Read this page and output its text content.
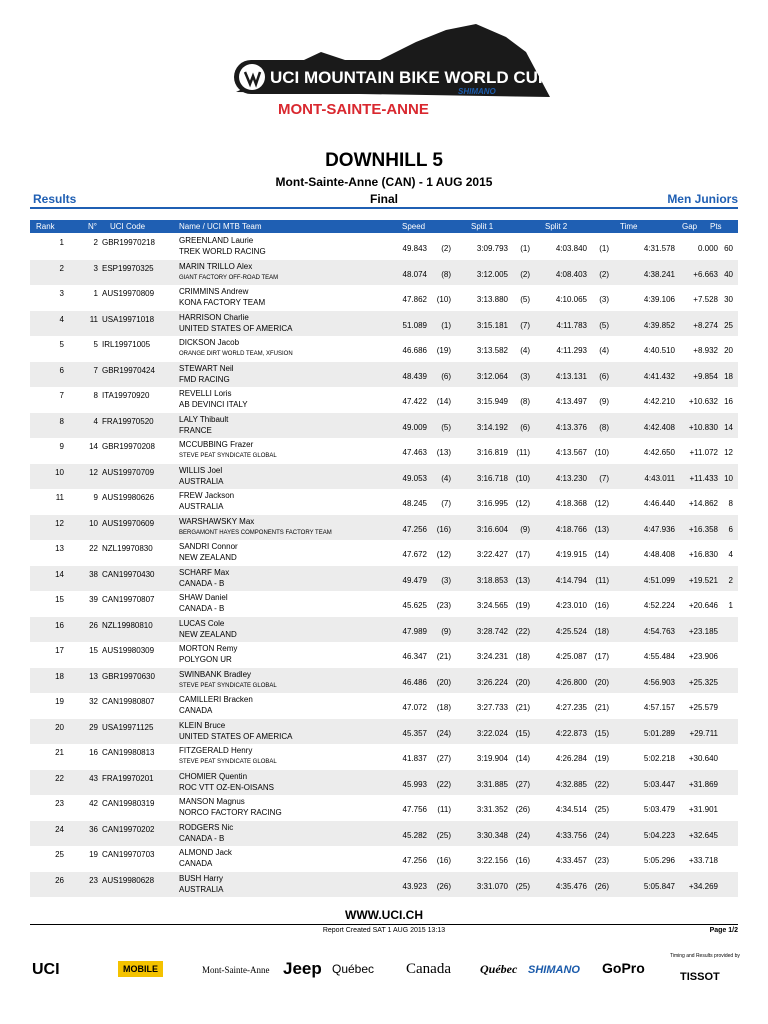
UCI MOUNTAIN BIKE WORLD CUP
PRESENTED BY SHIMANO
MONT-SAINTE-ANNE
DOWNHILL 5
Mont-Sainte-Anne (CAN) - 1 AUG 2015
Results	Final	Men Juniors
Rank	N° UCI Code	Name / UCI MTB Team	Speed	Split 1	Split 2	Time	Gap Pts
1	2 GBR19970218	GREENLAND Laurie
TREK WORLD RACING	49.843	(2)	3:09.793	(1)	4:03.840	(1)	4:31.578	0.000 60
2	3 ESP19970325	MARIN TRILLO Alex
GIANT FACTORY OFF-ROAD TEAM	48.074	(8)	3:12.005	(2)	4:08.403	(2)	4:38.241	+6.663 40
3	1 AUS19970809	CRIMMINS Andrew
KONA FACTORY TEAM	47.862	(10)	3:13.880	(5)	4:10.065	(3)	4:39.106	+7.528 30
4	11 USA19971018	HARRISON Charlie
UNITED STATES OF AMERICA	51.089	(1)	3:15.181	(7)	4:11.783	(5)	4:39.852	+8.274 25
5	5 IRL19971005	DICKSON Jacob
ORANGE DIRT WORLD TEAM, XFUSION	46.686	(19)	3:13.582	(4)	4:11.293	(4)	4:40.510	+8.932 20
6	7 GBR19970424	STEWART Neil
FMD RACING	48.439	(6)	3:12.064	(3)	4:13.131	(6)	4:41.432	+9.854 18
7	8 ITA19970920	REVELLI Loris
AB DEVINCI ITALY	47.422	(14)	3:15.949	(8)	4:13.497	(9)	4:42.210	+10.632 16
8	4 FRA19970520	LALY Thibault
FRANCE	49.009	(5)	3:14.192	(6)	4:13.376	(8)	4:42.408	+10.830 14
9	14 GBR19970208	MCCUBBING Frazer
STEVE PEAT SYNDICATE GLOBAL	47.463	(13)	3:16.819	(11)	4:13.567 (10)	4:42.650	+11.072 12
10	12 AUS19970709	WILLIS Joel
AUSTRALIA	49.053	(4)	3:16.718 (10)	4:13.230	(7)	4:43.011	+11.433 10
11	9 AUS19980626	FREW Jackson
AUSTRALIA	48.245	(7)	3:16.995 (12)	4:18.368 (12)	4:46.440	+14.862	8
12	10 AUS19970609	WARSHAWSKY Max
BERGAMONT HAYES COMPONENTS FACTORY TEAM	47.256	(16)	3:16.604	(9)	4:18.766 (13)	4:47.936	+16.358	6
13	22 NZL19970830	SANDRI Connor
NEW ZEALAND	47.672	(12)	3:22.427 (17)	4:19.915 (14)	4:48.408	+16.830	4
14	38 CAN19970430	SCHARF Max
CANADA - B	49.479	(3)	3:18.853 (13)	4:14.794	(11)	4:51.099	+19.521	2
15	39 CAN19970807	SHAW Daniel
CANADA - B	45.625	(23)	3:24.565 (19)	4:23.010 (16)	4:52.224	+20.646	1
16	26 NZL19980810	LUCAS Cole
NEW ZEALAND	47.989	(9)	3:28.742 (22)	4:25.524 (18)	4:54.763	+23.185
17	15 AUS19980309	MORTON Remy
POLYGON UR	46.347	(21)	3:24.231 (18)	4:25.087 (17)	4:55.484	+23.906
18	13 GBR19970630	SWINBANK Bradley
STEVE PEAT SYNDICATE GLOBAL	46.486	(20)	3:26.224 (20)	4:26.800 (20)	4:56.903	+25.325
19	32 CAN19980807	CAMILLERI Bracken
CANADA	47.072	(18)	3:27.733 (21)	4:27.235 (21)	4:57.157	+25.579
20	29 USA19971125	KLEIN Bruce
UNITED STATES OF AMERICA	45.357	(24)	3:22.024 (15)	4:22.873 (15)	5:01.289	+29.711
21	16 CAN19980813	FITZGERALD Henry
STEVE PEAT SYNDICATE GLOBAL	41.837	(27)	3:19.904 (14)	4:26.284 (19)	5:02.218	+30.640
22	43 FRA19970201	CHOMIER Quentin
ROC VTT OZ-EN-OISANS	45.993	(22)	3:31.885 (27)	4:32.885 (22)	5:03.447	+31.869
23	42 CAN19980319	MANSON Magnus
NORCO FACTORY RACING	47.756	(11)	3:31.352 (26)	4:34.514 (25)	5:03.479	+31.901
24	36 CAN19970202	RODGERS Nic
CANADA - B	45.282	(25)	3:30.348 (24)	4:33.756 (24)	5:04.223	+32.645
25	19 CAN19970703	ALMOND Jack
CANADA	47.256	(16)	3:22.156 (16)	4:33.457 (23)	5:05.296	+33.718
26	23 AUS19980628	BUSH Harry
AUSTRALIA	43.923	(26)	3:31.070 (25)	4:35.476 (26)	5:05.847	+34.269
WWW.UCI.CH
Report Created SAT 1 AUG 2015 13:13	Page 1/2
UCI	MOBILE	Mont-Sainte-Anne Jeep Québec Canada Québec SHIMANO GoPro
Timing and Results provided by
TISSOT
